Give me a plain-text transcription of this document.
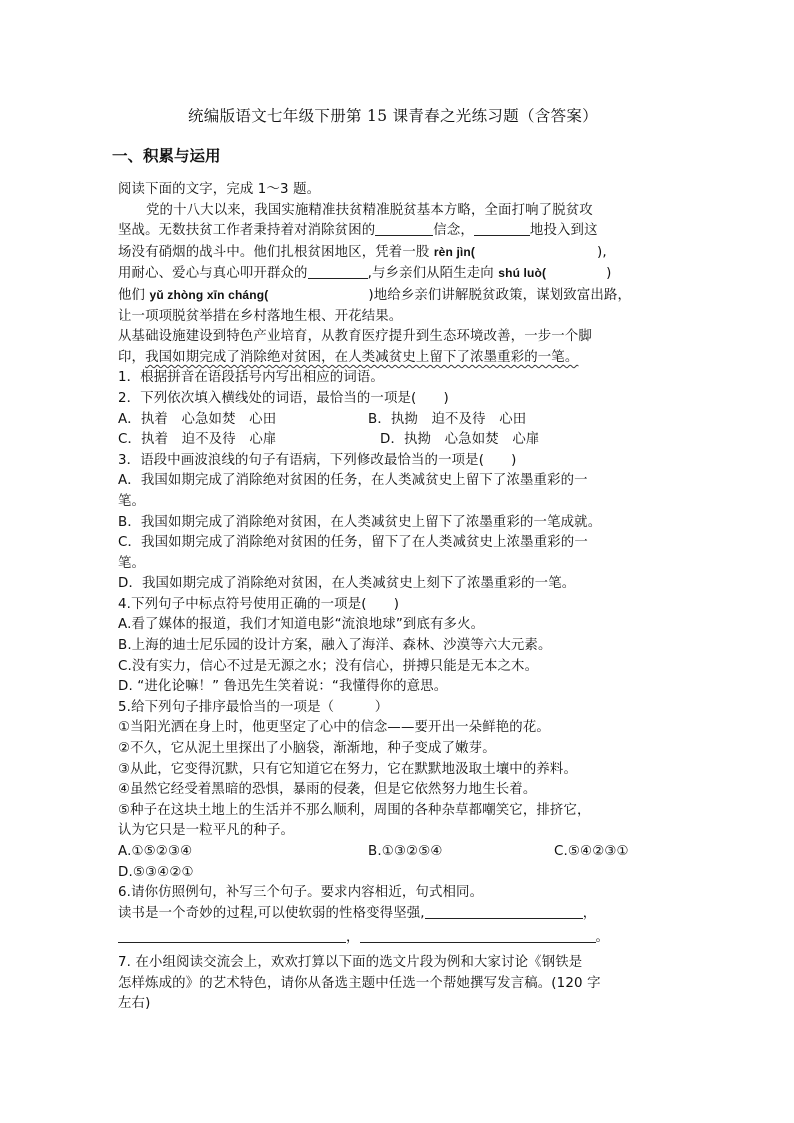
统编版语文七年级下册第 15 课青春之光练习题（含答案）
一、积累与运用
阅读下面的文字，完成 1～3 题。
党的十八大以来，我国实施精准扶贫精准脱贫基本方略，全面打响了脱贫攻
坚战。无数扶贫工作者秉持着对消除贫困的	信念，	地投入到这
场没有硝烟的战斗中。他们扎根贫困地区，凭着一股 rèn jìn(	),
用耐心、爱心与真心叩开群众的	,与乡亲们从陌生走向 shú luò(	)
他们 yǔ zhòng xīn cháng(	)地给乡亲们讲解脱贫政策，谋划致富出路，
让一项项脱贫举措在乡村落地生根、开花结果。
从基础设施建设到特色产业培育，从教育医疗提升到生态环境改善，一步一个脚
印，我国如期完成了消除绝对贫困，在人类减贫史上留下了浓墨重彩的一笔。
1．根据拼音在语段括号内写出相应的词语。
2．下列依次填入横线处的词语，最恰当的一项是(　　)
A．执着　心急如焚　心田	B．执拗　迫不及待　心田
C．执着　迫不及待　心扉	D．执拗　心急如焚　心扉
3．语段中画波浪线的句子有语病，下列修改最恰当的一项是(　　)
A．我国如期完成了消除绝对贫困的任务，在人类减贫史上留下了浓墨重彩的一
笔。
B．我国如期完成了消除绝对贫困，在人类减贫史上留下了浓墨重彩的一笔成就。
C．我国如期完成了消除绝对贫困的任务，留下了在人类减贫史上浓墨重彩的一
笔。
D．我国如期完成了消除绝对贫困，在人类减贫史上刻下了浓墨重彩的一笔。
4.下列句子中标点符号使用正确的一项是(　　)
A.看了媒体的报道，我们才知道电影“流浪地球”到底有多火。
B.上海的迪士尼乐园的设计方案，融入了海洋、森林、沙漠等六大元素。
C.没有实力，信心不过是无源之水；没有信心，拼搏只能是无本之木。
D. “进化论嘛！” 鲁迅先生笑着说：“我懂得你的意思。
5.给下列句子排序最恰当的一项是（　　　）
①当阳光洒在身上时，他更坚定了心中的信念——要开出一朵鲜艳的花。
②不久，它从泥土里探出了小脑袋，渐渐地，种子变成了嫩芽。
③从此，它变得沉默，只有它知道它在努力，它在默默地汲取土壤中的养料。
④虽然它经受着黑暗的恐惧，暴雨的侵袭，但是它依然努力地生长着。
⑤种子在这块土地上的生活并不那么顺利，周围的各种杂草都嘲笑它，排挤它，
认为它只是一粒平凡的种子。
A.①⑤②③④	B.①③②⑤④	C.⑤④②③①
D.⑤③④②①
6.请你仿照例句，补写三个句子。要求内容相近，句式相同。
读书是一个奇妙的过程,可以使软弱的性格变得坚强,	，
，	。
7. 在小组阅读交流会上，欢欢打算以下面的选文片段为例和大家讨论《钢铁是
怎样炼成的》的艺术特色，请你从备选主题中任选一个帮她撰写发言稿。(120 字
左右)
